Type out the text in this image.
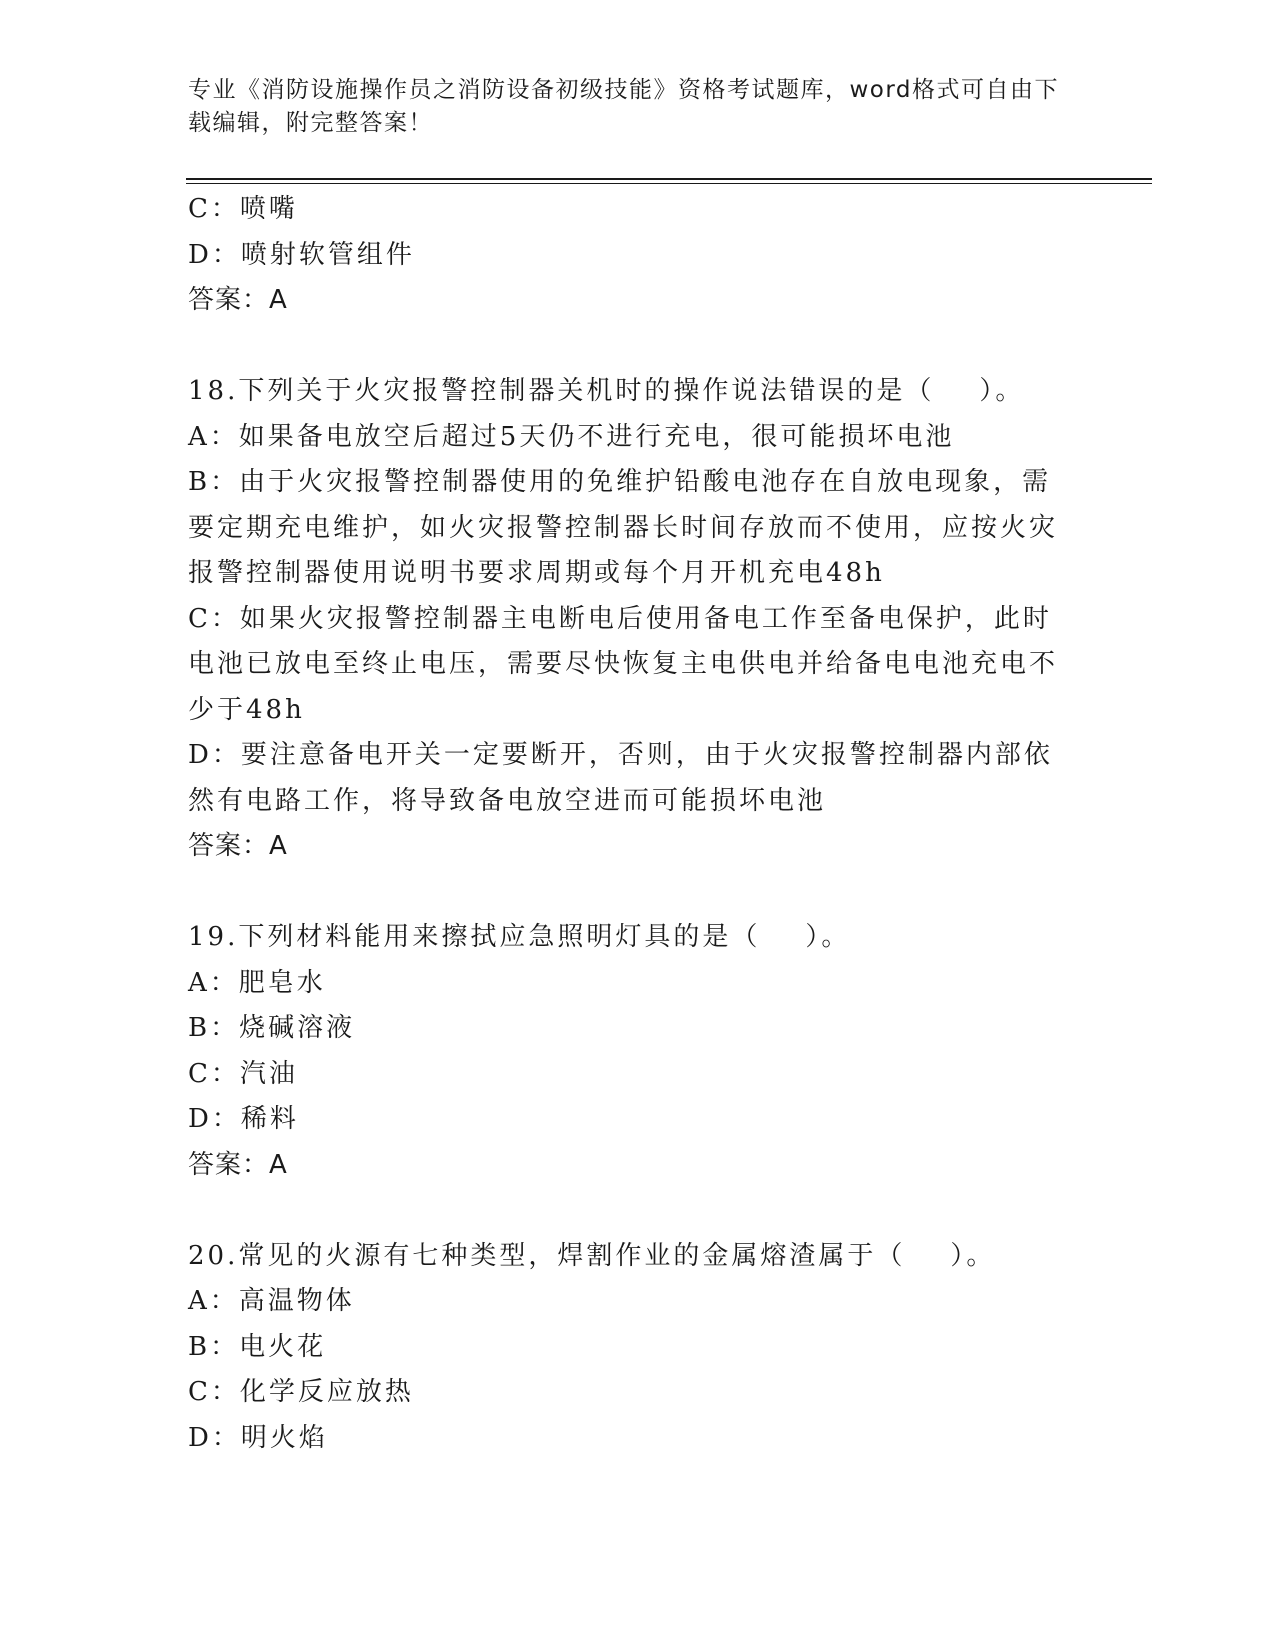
专业《消防设施操作员之消防设备初级技能》资格考试题库，word格式可自由下载编辑，附完整答案！
C：喷嘴
D：喷射软管组件
答案：A
18.下列关于火灾报警控制器关机时的操作说法错误的是（    ）。
A：如果备电放空后超过5天仍不进行充电，很可能损坏电池
B：由于火灾报警控制器使用的免维护铅酸电池存在自放电现象，需要定期充电维护，如火灾报警控制器长时间存放而不使用，应按火灾报警控制器使用说明书要求周期或每个月开机充电48h
C：如果火灾报警控制器主电断电后使用备电工作至备电保护，此时电池已放电至终止电压，需要尽快恢复主电供电并给备电电池充电不少于48h
D：要注意备电开关一定要断开，否则，由于火灾报警控制器内部依然有电路工作，将导致备电放空进而可能损坏电池
答案：A
19.下列材料能用来擦拭应急照明灯具的是（    ）。
A：肥皂水
B：烧碱溶液
C：汽油
D：稀料
答案：A
20.常见的火源有七种类型，焊割作业的金属熔渣属于（    ）。
A：高温物体
B：电火花
C：化学反应放热
D：明火焰
